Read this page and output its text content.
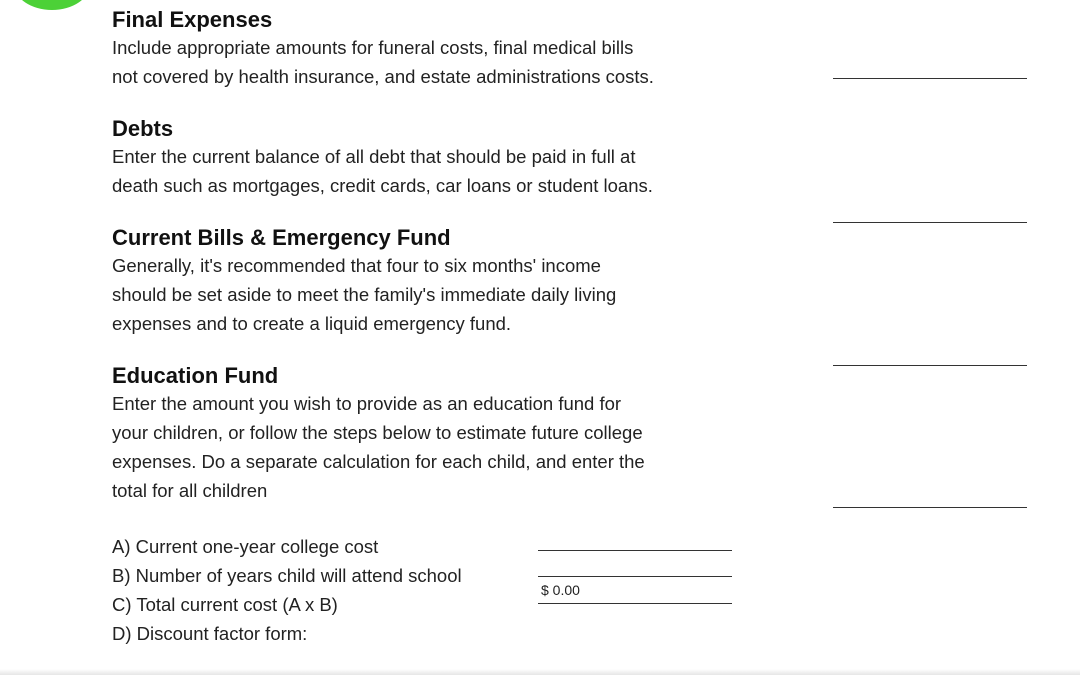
Final Expenses

Include appropriate amounts for funeral costs, final medical bills
not covered by health insurance, and estate administrations costs.

Debts

Enter the current balance of all debt that should be paid in full at
death such as mortgages, credit cards, car loans or student loans.

Current Bills & Emergency Fund

Generally, it's recommended that four to six months' income
should be set aside to meet the family's immediate daily living
expenses and to create a liquid emergency fund.

Education Fund

Enter the amount you wish to provide as an education fund for
your children, or follow the steps below to estimate future college
expenses. Do a separate calculation for each child, and enter the
total for all children

A) Current one-year college cost

B) Number of years child will attend school

C) Total current cost (A x B)

D) Discount factor form:

$ 0.00
